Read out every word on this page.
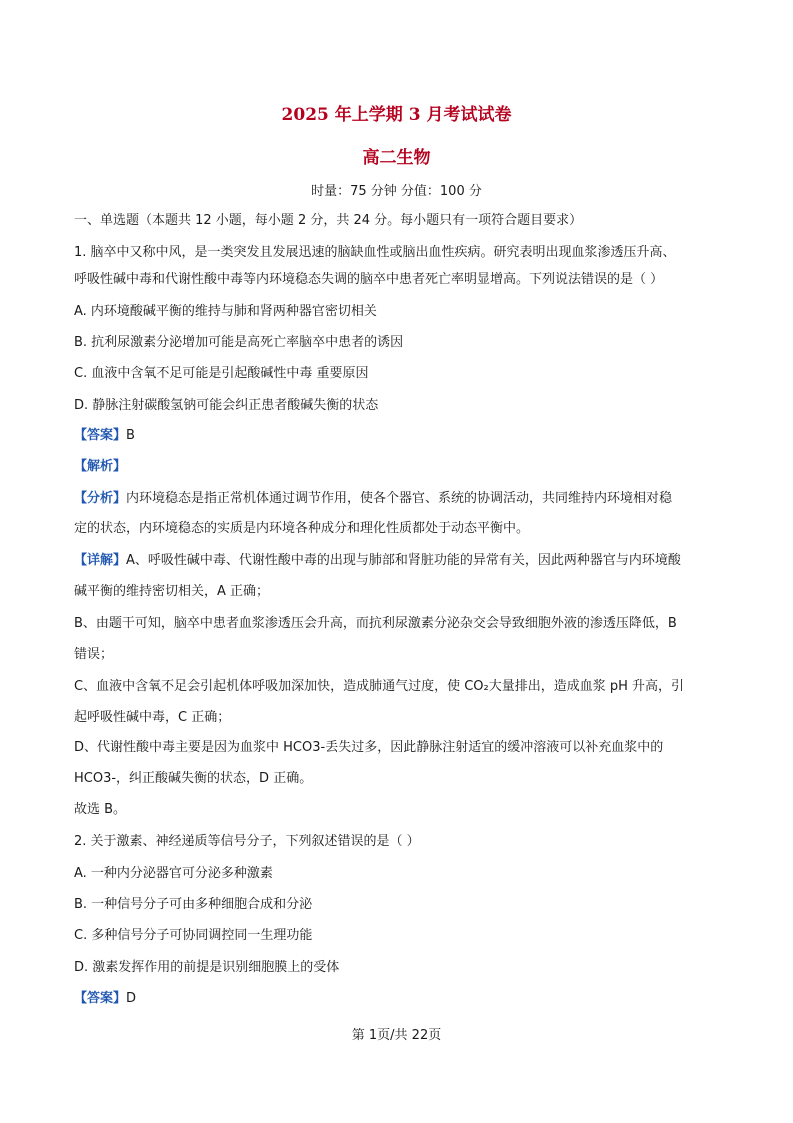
2025 年上学期 3 月考试试卷
高二生物
时量：75 分钟 分值：100 分
一、单选题（本题共 12 小题，每小题 2 分，共 24 分。每小题只有一项符合题目要求）
1. 脑卒中又称中风，是一类突发且发展迅速的脑缺血性或脑出血性疾病。研究表明出现血浆渗透压升高、
呼吸性碱中毒和代谢性酸中毒等内环境稳态失调的脑卒中患者死亡率明显增高。下列说法错误的是（ ）
A. 内环境酸碱平衡的维持与肺和肾两种器官密切相关
B. 抗利尿激素分泌增加可能是高死亡率脑卒中患者的诱因
C. 血液中含氧不足可能是引起酸碱性中毒 重要原因
D. 静脉注射碳酸氢钠可能会纠正患者酸碱失衡的状态
【答案】B
【解析】
【分析】内环境稳态是指正常机体通过调节作用，使各个器官、系统的协调活动，共同维持内环境相对稳
定的状态，内环境稳态的实质是内环境各种成分和理化性质都处于动态平衡中。
【详解】A、呼吸性碱中毒、代谢性酸中毒的出现与肺部和肾脏功能的异常有关，因此两种器官与内环境酸
碱平衡的维持密切相关，A 正确；
B、由题干可知，脑卒中患者血浆渗透压会升高，而抗利尿激素分泌杂交会导致细胞外液的渗透压降低，B
错误；
C、血液中含氧不足会引起机体呼吸加深加快，造成肺通气过度，使 CO₂大量排出，造成血浆 pH 升高，引
起呼吸性碱中毒，C 正确；
D、代谢性酸中毒主要是因为血浆中 HCO3-丢失过多，因此静脉注射适宜的缓冲溶液可以补充血浆中的
HCO3-，纠正酸碱失衡的状态，D 正确。
故选 B。
2. 关于激素、神经递质等信号分子，下列叙述错误的是（ ）
A. 一种内分泌器官可分泌多种激素
B. 一种信号分子可由多种细胞合成和分泌
C. 多种信号分子可协同调控同一生理功能
D. 激素发挥作用的前提是识别细胞膜上的受体
【答案】D
第 1页/共 22页
